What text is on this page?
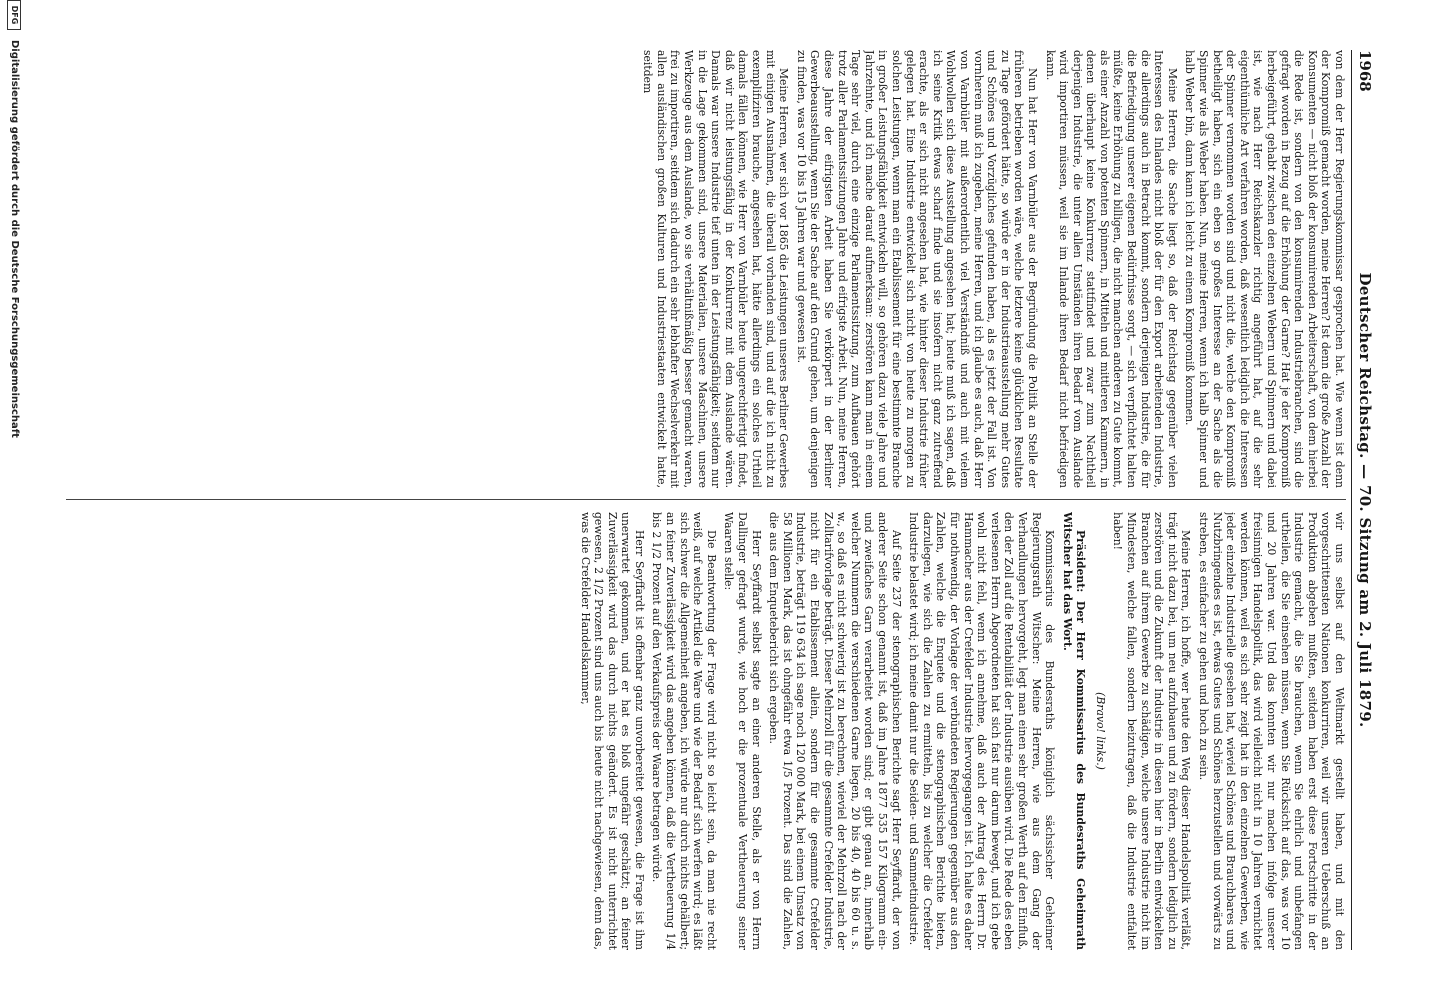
1968
Deutscher Reichstag. — 70. Sitzung am 2. Juli 1879.

von dem der Herr Regierungskommissar gesprochen hat. Wie wenn ist denn der Kompromiß gemacht worden, meine Herren? Ist denn die große Anzahl der Konsumenten — nicht bloß der konsumirenden Arbeiterschaft, von dem hierbei die Rede ist, sondern von den konsumirenden Industriebranchen, sind die gefragt worden in Bezug auf die Erhöhung der Garne? Hat je der Kompromiß herbeigeführt, gehabt zwischen den einzelnen Webern und Spinnern und dabei ist, wie nach Herr Reichskanzler richtig angeführt hat, auf die sehr eigenthümliche Art verfahren worden, daß wesentlich lediglich die Interessen der Spinner vernommen worden sind und nicht die, welche den Kompromiß betheiligt haben, sich ein eben so großes Interesse an der Sache als die Spinner wie als Weber haben. Nun, meine Herren, wenn ich halb Spinner und halb Weber bin, dann kann ich leicht zu einem Kompromiß kommen.

Meine Herren, die Sache liegt so, daß der Reichstag gegenüber vielen Interessen des Inlandes nicht bloß der für den Export arbeitenden Industrie, die allerdings auch in Betracht kommt, sondern derjenigen Industrie, die für die Befriedigung unserer eigenen Bedürfnisse sorgt, — sich verpflichtet halten müßte, keine Erhöhung zu billigen, die nicht manchen anderen zu Gute kommt, als einer Anzahl von potenten Spinnern, in Mitteln und mittleren Kammern, in denen überhaupt keine Konkurrenz stattfindet und zwar zum Nachtheil derjenigen Industrie, die unter allen Umständen ihren Bedarf vom Auslande wird importiren müssen, weil sie im Inlande ihren Bedarf nicht befriedigen kann.

Nun hat Herr von Varnbüler aus der Begründung die Politik an Stelle der früheren betrieben worden wäre, welche letztere keine glücklichen Resultate zu Tage gefördert hätte, so würde er in der Industrieausstellung mehr Gutes und Schönes und Vorzügliches gefunden haben, als es jetzt der Fall ist. Von vornherein muß ich zugeben, meine Herren, und ich glaube es auch, daß Herr von Varnbüler mit außerordentlich viel Verständniß und auch mit vielem Wohlwollen sich diese Ausstellung angesehen hat; heute muß ich sagen, daß ich seine Kritik etwas scharf finde und sie insofern nicht ganz zutreffend erachte, als er sich nicht angesehen hat, wie hinter dieser Industrie früher gelegen hat. Eine Industrie entwickelt sich nicht von heute zu morgen zu solchen Leistungen, wenn man ein Etablissement für eine bestimmte Branche in großer Leistungsfähigkeit entwickeln will, so gehören dazu viele Jahre und Jahrzehnte, und ich mache darauf aufmerksam: zerstören kann man in einem Tage sehr viel, durch eine einzige Parlamentssitzung, zum Aufbauen gehört trotz aller Parlamentssitzungen Jahre und eifrigste Arbeit. Nun, meine Herren, diese Jahre der eifrigsten Arbeit haben Sie verkörpert in der Berliner Gewerbeausstellung, wenn Sie der Sache auf den Grund gehen, um denjenigen zu finden, was vor 10 bis 15 Jahren war und gewesen ist.

Meine Herren, wer sich vor 1865 die Leistungen unseres Berliner Gewerbes mit einigen Ausnahmen, die überall vorhanden sind, und auf die ich nicht zu exemplifiziren brauche, angesehen hat, hätte allerdings ein solches Urtheil damals fällen können, wie Herr von Varnbüler heute ungerechtfertigt findet, daß wir nicht leistungsfähig in der Konkurrenz mit dem Auslande wären. Damals war unsere Industrie tief unten in der Leistungsfähigkeit; seitdem nur in die Lage gekommen sind, unsere Materialien, unsere Maschinen, unsere Werkzeuge aus dem Auslande, wo sie verhältnißmäßig besser gemacht waren, frei zu importiren, seitdem sich dadurch ein sehr lebhafter Wechselverkehr mit allen ausländischen großen Kulturen und Industriestaaten entwickelt hatte, seitdem

wir uns selbst auf den Weltmarkt gestellt haben, und mit den vorgeschrittensten Nationen konkurriren, weil wir unseren Ueberschuß an Produktion abgeben mußten, seitdem haben erst diese Fortschritte in der Industrie gemacht, die Sie brauchen, wenn Sie ehrlich und unbefangen urtheilen, die Sie einsehen müssen, wenn Sie Rücksicht auf das, was vor 10 und 20 Jahren war. Und das konnten wir nur machen infolge unserer freisinnigen Handelspolitik, das wird vielleicht nicht in 10 Jahren vernichtet werden können, weil es sich sehr zeigt hat in den einzelnen Gewerben, wie jeder einzelne Industrielle gesehen hat, wieviel Schönes und Brauchbares und Nutzbringendes es ist, etwas Gutes und Schönes herzustellen und vorwärts zu streben, es einfacher zu gehen und hoch zu sein.

Meine Herren, ich hoffe, wer heute den Weg dieser Handelspolitik verläßt, trägt nicht dazu bei, um neu aufzubauen und zu fördern, sondern lediglich zu zerstören und die Zukunft der Industrie in diesen hier in Berlin entwickelten Branchen auf ihrem Gewerbe zu schädigen, welche unsere Industrie nicht im Mindesten, welche fallen, sondern beizutragen, daß die Industrie entfaltet haben!

(Bravo! links.)

Präsident: Der Herr Kommissarius des Bundesraths Geheimrath Witscher hat das Wort.

Kommissarius des Bundesraths königlich sächsischer Geheimer Regierungsrath Witscher: Meine Herren, wie aus dem Gang der Verhandlungen hervorgeht, legt man einen sehr großen Werth auf den Einfluß, den der Zoll auf die Rentabilität der Industrie ausüben wird. Die Rede des eben verlesenen Herrn Abgeordneten hat sich fast nur darum bewegt, und ich gebe wohl nicht fehl, wenn ich annehme, daß auch der Antrag des Herrn Dr. Hammacher aus der Crefelder Industrie hervorgegangen ist. Ich halte es daher für nothwendig, der Vorlage der verbündeten Regierungen gegenüber aus den Zahlen, welche die Enquete und die stenographischen Berichte bieten, darzulegen, wie sich die Zahlen zu ermitteln, bis zu welcher die Crefelder Industrie belastet wird; ich meine damit nur die Seiden- und Sammetindustrie.

Auf Seite 237 der stenographischen Berichte sagt Herr Seyffardt, der von anderer Seite schon genannt ist, daß im Jahre 1877 535 157 Kilogramm ein- und zweifaches Garn verarbeitet worden sind; er gibt genau an, innerhalb welcher Nummern die verschiedenen Garne liegen, 20 bis 40, 40 bis 60 u. s. w., so daß es nicht schwierig ist zu berechnen, wieviel der Mehrzoll nach der Zolltarifvorlage beträgt. Dieser Mehrzoll für die gesammte Crefelder Industrie, nicht für ein Etablissement allein, sondern für die gesammte Crefelder Industrie, beträgt 119 634 ich sage noch 120 000 Mark, bei einem Umsatz von 58 Millionen Mark, das ist ohngefähr etwa 1/5 Prozent. Das sind die Zahlen, die aus dem Enquetebericht sich ergeben.

Herr Seyffardt selbst sagte an einer anderen Stelle, als er von Herrn Dallinger gefragt wurde, wie hoch er die prozentuale Vertheuerung seiner Waaren stelle:

Die Beantwortung der Frage wird nicht so leicht sein, da man nie recht weiß, auf welche Artikel die Ware und wie der Bedarf sich werfen wird; es läßt sich schwer die Allgemeinheit angeben, ich würde nur durch nichts gehälbert; an feiner Zuverlässigkeit wird das angeben können, daß die Vertheuerung 1/4 bis 2 1/2 Prozent auf den Verkaufspreis der Waare betragen würde.

Herr Seyffardt ist offenbar ganz unvorbereitet gewesen, die Frage ist ihm unerwartet gekommen, und er hat es bloß ungefähr geschätzt; an feiner Zuverlässigkeit wird das durch nichts geändert. Es ist nicht unterrichtet gewesen, 2 1/2 Prozent sind uns auch bis heute nicht nachgewiesen, denn das, was die Crefelder Handelskammer,

DFG
Digitalisierung gefördert durch die Deutsche Forschungsgemeinschaft
